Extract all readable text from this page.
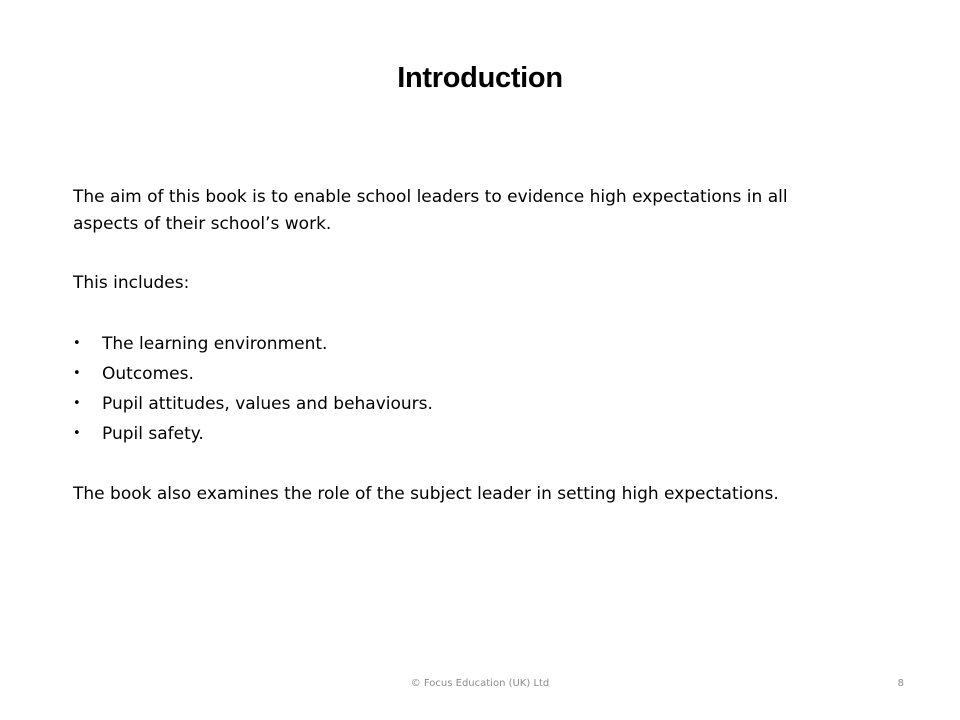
Introduction

The aim of this book is to enable school leaders to evidence high expectations in all aspects of their school’s work.

This includes:

• The learning environment.
• Outcomes.
• Pupil attitudes, values and behaviours.
• Pupil safety.

The book also examines the role of the subject leader in setting high expectations.

© Focus Education (UK) Ltd	8
